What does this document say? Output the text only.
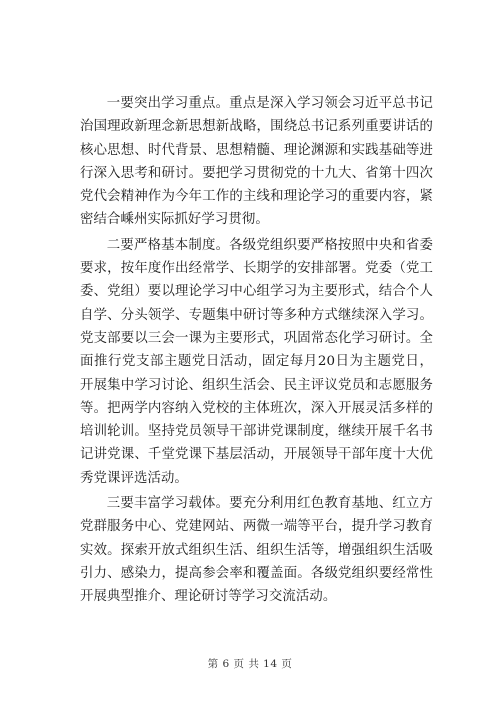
一要突出学习重点。重点是深入学习领会习近平总书记治国理政新理念新思想新战略，围绕总书记系列重要讲话的核心思想、时代背景、思想精髓、理论渊源和实践基础等进行深入思考和研讨。要把学习贯彻党的十九大、省第十四次党代会精神作为今年工作的主线和理论学习的重要内容，紧密结合嵊州实际抓好学习贯彻。

二要严格基本制度。各级党组织要严格按照中央和省委要求，按年度作出经常学、长期学的安排部署。党委（党工委、党组）要以理论学习中心组学习为主要形式，结合个人自学、分头领学、专题集中研讨等多种方式继续深入学习。党支部要以三会一课为主要形式，巩固常态化学习研讨。全面推行党支部主题党日活动，固定每月20日为主题党日，开展集中学习讨论、组织生活会、民主评议党员和志愿服务等。把两学内容纳入党校的主体班次，深入开展灵活多样的培训轮训。坚持党员领导干部讲党课制度，继续开展千名书记讲党课、千堂党课下基层活动，开展领导干部年度十大优秀党课评选活动。

三要丰富学习载体。要充分利用红色教育基地、红立方党群服务中心、党建网站、两微一端等平台，提升学习教育实效。探索开放式组织生活、组织生活等，增强组织生活吸引力、感染力，提高参会率和覆盖面。各级党组织要经常性开展典型推介、理论研讨等学习交流活动。

第 6 页 共 14 页
